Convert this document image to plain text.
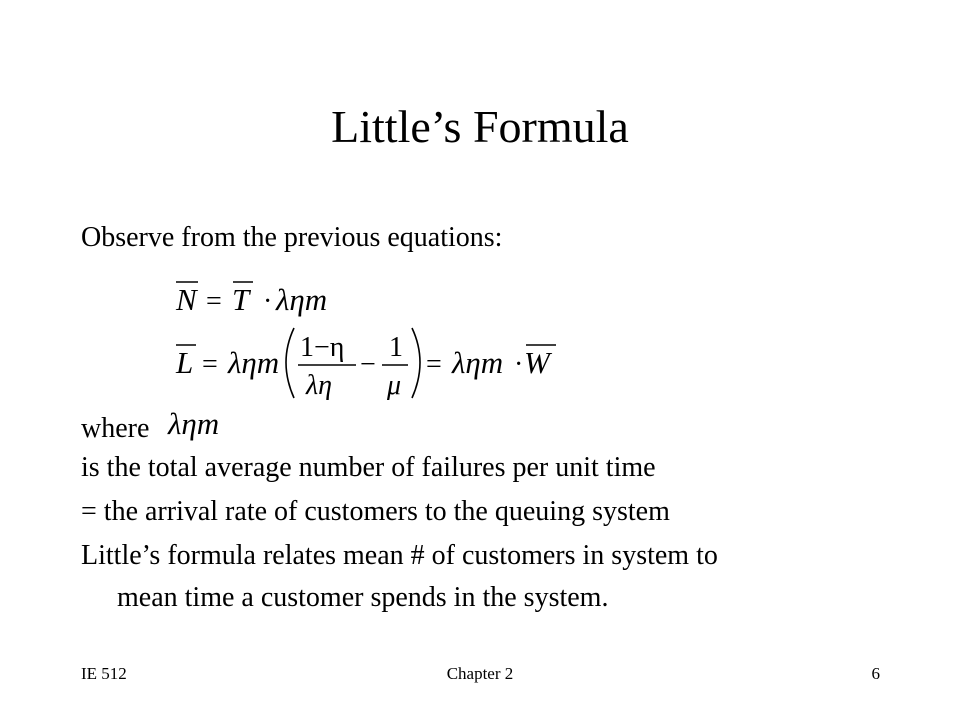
Little’s Formula
Observe from the previous equations:
N = T · ληm
L = ληm 1−η
λη
−
1
μ
= ληm · W
where ληm
is the total average number of failures per unit time
= the arrival rate of customers to the queuing system
Little’s formula relates mean # of customers in system to
mean time a customer spends in the system.
IE 512	Chapter 2	6
